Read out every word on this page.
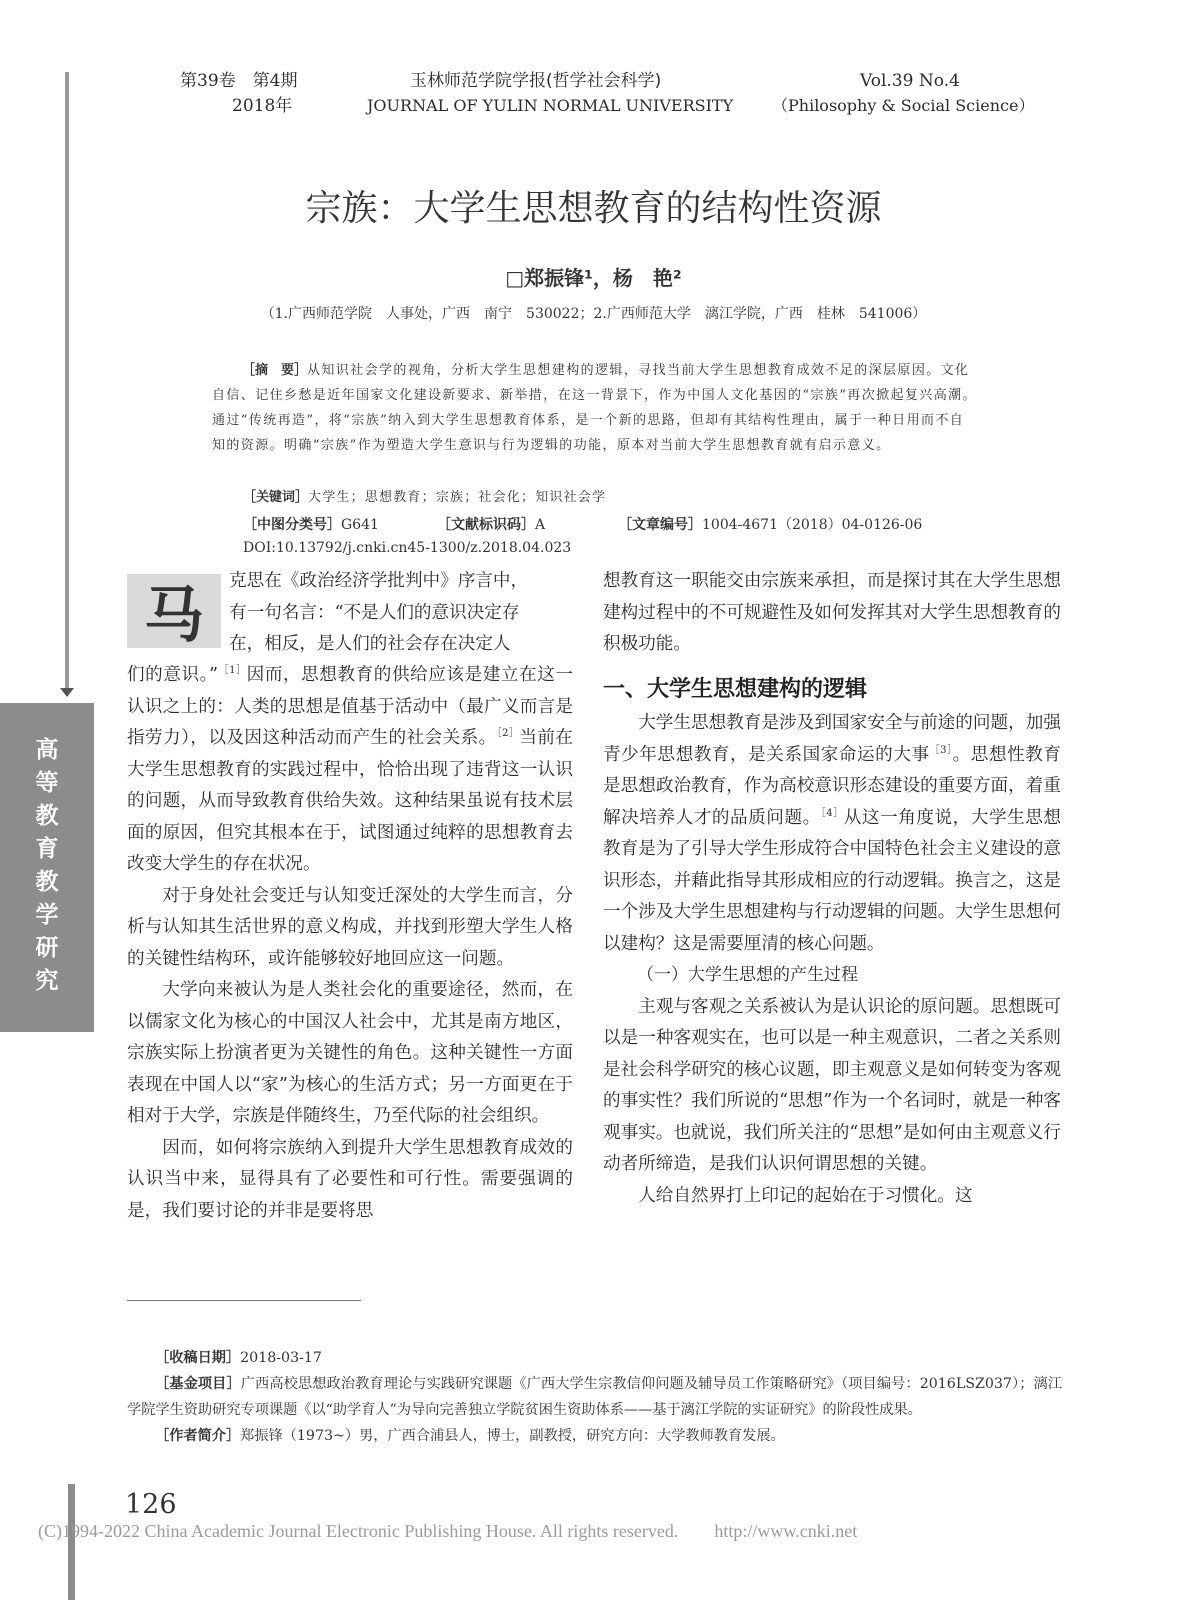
第39卷　第4期
2018年
玉林师范学院学报(哲学社会科学)
JOURNAL OF YULIN NORMAL UNIVERSITY
Vol.39 No.4
（Philosophy & Social Science）
高
等
教
育
教
学
研
究
宗族：大学生思想教育的结构性资源
□郑振锋¹，杨　艳²
（1.广西师范学院　人事处，广西　南宁　530022；2.广西师范大学　漓江学院，广西　桂林　541006）
［摘　要］从知识社会学的视角，分析大学生思想建构的逻辑，寻找当前大学生思想教育成效不足的深层原因。文化自信、记住乡愁是近年国家文化建设新要求、新举措，在这一背景下，作为中国人文化基因的“宗族”再次掀起复兴高潮。通过“传统再造”，将“宗族”纳入到大学生思想教育体系，是一个新的思路，但却有其结构性理由，属于一种日用而不自知的资源。明确“宗族”作为塑造大学生意识与行为逻辑的功能，原本对当前大学生思想教育就有启示意义。
［关键词］大学生；思想教育；宗族；社会化；知识社会学
［中图分类号］G641	［文献标识码］A	［文章编号］1004-4671（2018）04-0126-06
DOI:10.13792/j.cnki.cn45-1300/z.2018.04.023
马	克思在《政治经济学批判中》序言中，
有一句名言：“不是人们的意识决定存
在，相反，是人们的社会存在决定人

们的意识。”$^{[1]}$因而，思想教育的供给应该是建立在这一认识之上的：人类的思想是值基于活动中（最广义而言是指劳力），以及因这种活动而产生的社会关系。$^{[2]}$当前在大学生思想教育的实践过程中，恰恰出现了违背这一认识的问题，从而导致教育供给失效。这种结果虽说有技术层面的原因，但究其根本在于，试图通过纯粹的思想教育去改变大学生的存在状况。

对于身处社会变迁与认知变迁深处的大学生而言，分析与认知其生活世界的意义构成，并找到形塑大学生人格的关键性结构环，或许能够较好地回应这一问题。

大学向来被认为是人类社会化的重要途径，然而，在以儒家文化为核心的中国汉人社会中，尤其是南方地区，宗族实际上扮演者更为关键性的角色。这种关键性一方面表现在中国人以“家”为核心的生活方式；另一方面更在于相对于大学，宗族是伴随终生，乃至代际的社会组织。

因而，如何将宗族纳入到提升大学生思想教育成效的认识当中来，显得具有了必要性和可行性。需要强调的是，我们要讨论的并非是要将思

想教育这一职能交由宗族来承担，而是探讨其在大学生思想建构过程中的不可规避性及如何发挥其对大学生思想教育的积极功能。

一、大学生思想建构的逻辑

大学生思想教育是涉及到国家安全与前途的问题，加强青少年思想教育，是关系国家命运的大事$^{[3]}$。思想性教育是思想政治教育，作为高校意识形态建设的重要方面，着重解决培养人才的品质问题。$^{[4]}$从这一角度说，大学生思想教育是为了引导大学生形成符合中国特色社会主义建设的意识形态，并藉此指导其形成相应的行动逻辑。换言之，这是一个涉及大学生思想建构与行动逻辑的问题。大学生思想何以建构？这是需要厘清的核心问题。

（一）大学生思想的产生过程

主观与客观之关系被认为是认识论的原问题。思想既可以是一种客观实在，也可以是一种主观意识，二者之关系则是社会科学研究的核心议题，即主观意义是如何转变为客观的事实性？我们所说的“思想”作为一个名词时，就是一种客观事实。也就说，我们所关注的“思想”是如何由主观意义行动者所缔造，是我们认识何谓思想的关键。

人给自然界打上印记的起始在于习惯化。这

［收稿日期］2018-03-17

［基金项目］广西高校思想政治教育理论与实践研究课题《广西大学生宗教信仰问题及辅导员工作策略研究》（项目编号：2016LSZ037）；漓江学院学生资助研究专项课题《以“助学育人”为导向完善独立学院贫困生资助体系——基于漓江学院的实证研究》的阶段性成果。

［作者简介］郑振锋（1973~）男，广西合浦县人，博士，副教授，研究方向：大学教师教育发展。

126
(C)1994-2022 China Academic Journal Electronic Publishing House. All rights reserved.　　http://www.cnki.net
